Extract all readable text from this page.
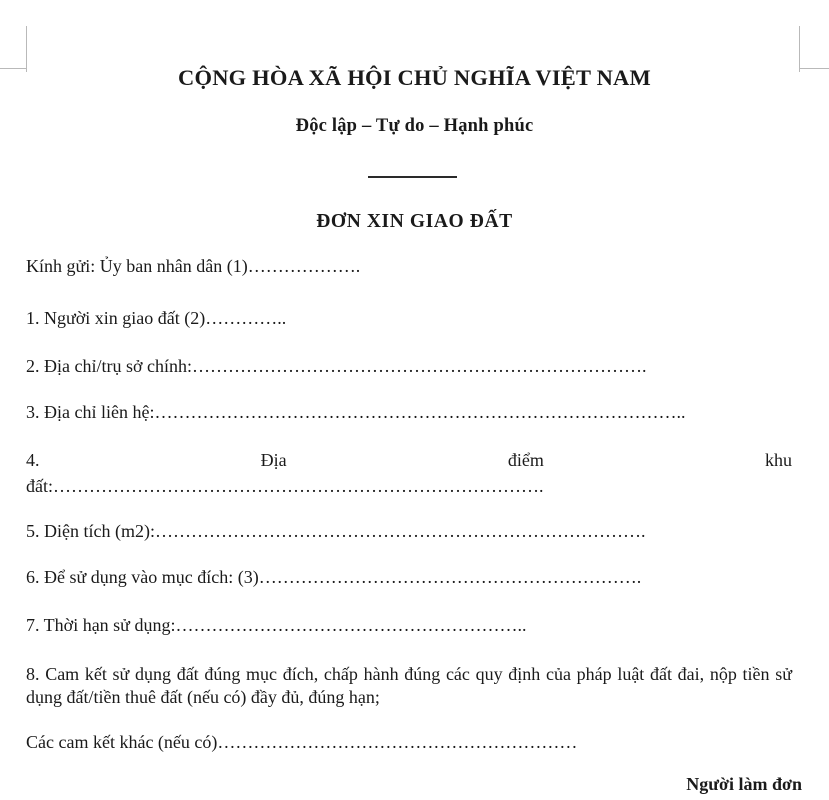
CỘNG HÒA XÃ HỘI CHỦ NGHĨA VIỆT NAM
Độc lập – Tự do – Hạnh phúc
ĐƠN XIN GIAO ĐẤT
Kính gửi: Ủy ban nhân dân (1)……………….
1. Người xin giao đất (2)…………..
2. Địa chỉ/trụ sở chính:………………………………………………………………….
3. Địa chỉ liên hệ:……………………………………………………………………………..
4. Địa điểm khu
đất:……………………………………………………………………….
5. Diện tích (m2):……………………………………………………………………….
6. Để sử dụng vào mục đích: (3)……………………………………………………….
7. Thời hạn sử dụng:…………………………………………………..
8. Cam kết sử dụng đất đúng mục đích, chấp hành đúng các quy định của pháp luật đất đai, nộp tiền sử dụng đất/tiền thuê đất (nếu có) đầy đủ, đúng hạn;
Các cam kết khác (nếu có)……………………………………………………
Người làm đơn
